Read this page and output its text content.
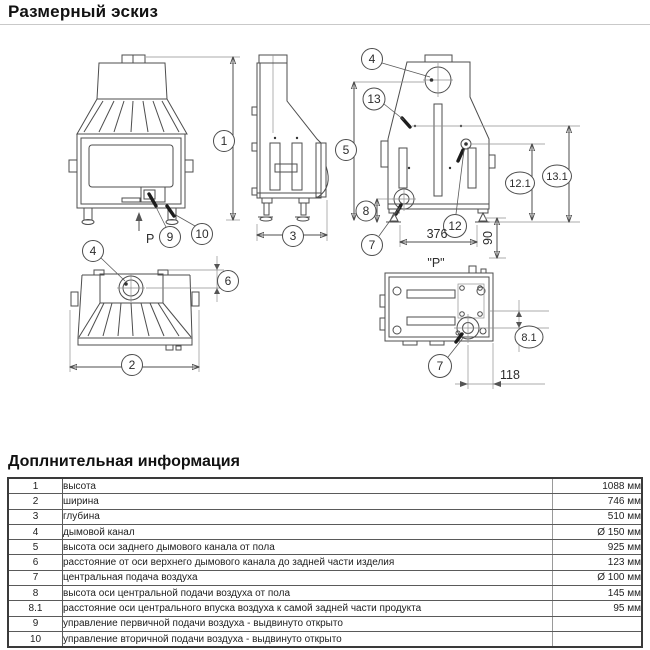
Размерный эскиз
P 9 10
1
3
4
13
7
12
5
8
12.1
13.1
376	90
"P"
4
6
2	7
8.1
118
Доплнительная информация
1	высота	1088 мм
2	ширина	746 мм
3	глубина	510 мм
4	дымовой канал	Ø 150 мм
5	высота оси заднего дымового канала от пола	925 мм
6	расстояние от оси верхнего дымового канала до задней части изделия	123 мм
7	центральная подача воздуха	Ø 100 мм
8	высота оси центральной подачи воздуха от пола	145 мм
8.1	расстояние оси центрального впуска воздуха к самой задней части продукта	95 мм
9	управление первичной подачи воздуха - выдвинуто открыто	
10	управление вторичной подачи воздуха - выдвинуто открыто	
